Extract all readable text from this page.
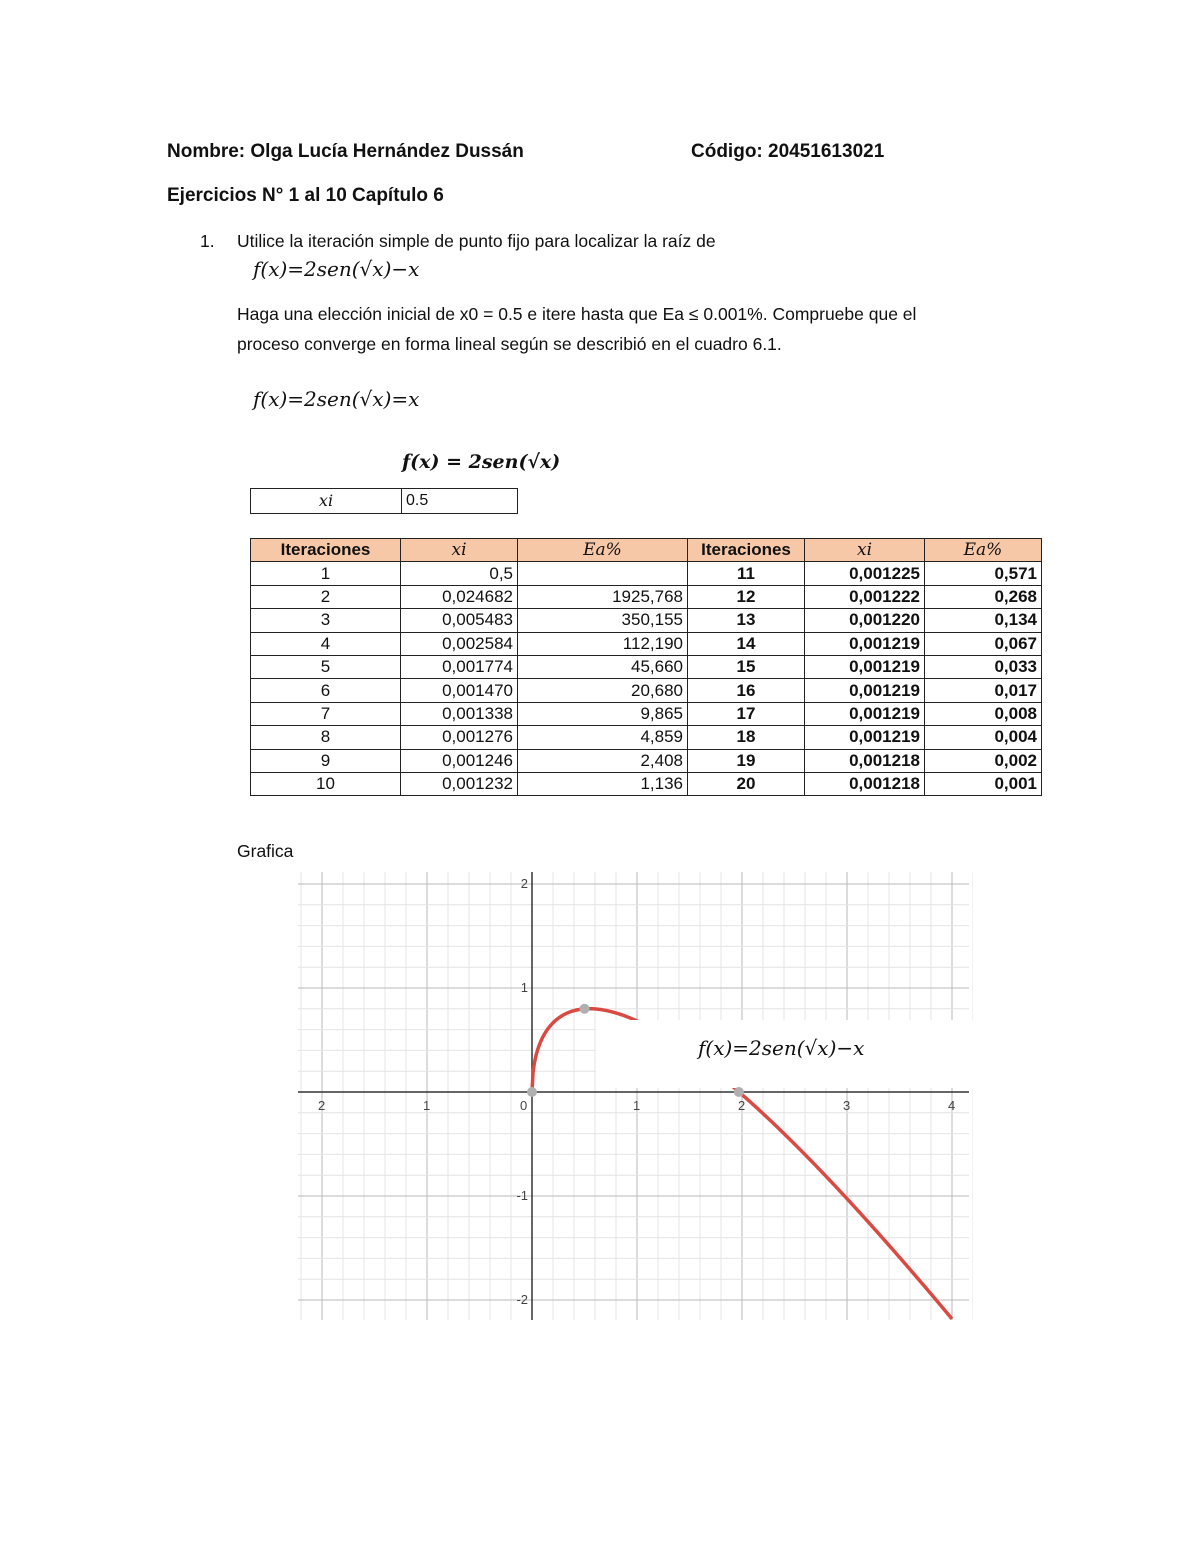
Nombre: Olga Lucía Hernández Dussán	Código: 20451613021
Ejercicios N° 1 al 10 Capítulo 6
1. Utilice la iteración simple de punto fijo para localizar la raíz de
f(x)=2sen(√x)−x
Haga una elección inicial de x0 = 0.5 e itere hasta que Ea ≤ 0.001%. Compruebe que el
proceso converge en forma lineal según se describió en el cuadro 6.1.
f(x)=2sen(√x)=x
f(x) = 2sen(√x)
xi	0.5
Iteraciones	xi	Ea%	Iteraciones	xi	Ea%
1	0,5		11	0,001225	0,571
2	0,024682	1925,768	12	0,001222	0,268
3	0,005483	350,155	13	0,001220	0,134
4	0,002584	112,190	14	0,001219	0,067
5	0,001774	45,660	15	0,001219	0,033
6	0,001470	20,680	16	0,001219	0,017
7	0,001338	9,865	17	0,001219	0,008
8	0,001276	4,859	18	0,001219	0,004
9	0,001246	2,408	19	0,001218	0,002
10	0,001232	1,136	20	0,001218	0,001
Grafica
2	1	0	1	2	3	4
2
1
-1
-2
f(x)=2sen(√x)−x
